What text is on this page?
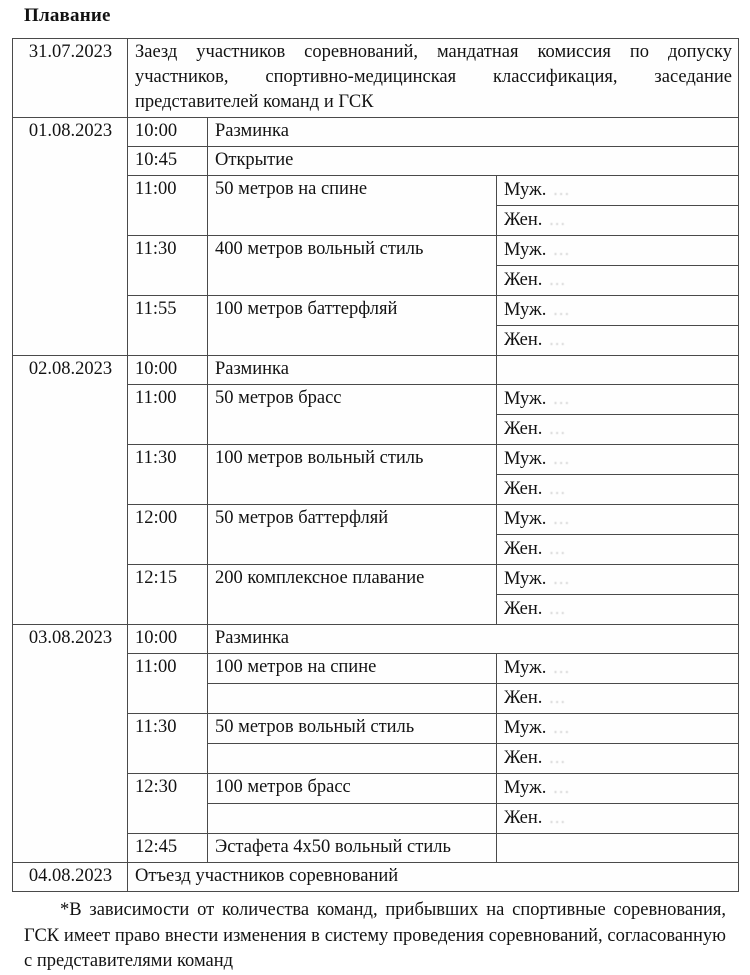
Плавание
31.07.2023	Заезд участников соревнований, мандатная комиссия по допуску участников, спортивно-медицинская классификация, заседание представителей команд и ГСК		
01.08.2023	10:00	Разминка	
	10:45	Открытие	
	11:00	50 метров на спине	Муж. ...
			Жен. ...
	11:30	400 метров вольный стиль	Муж. ...
			Жен. ...
	11:55	100 метров баттерфляй	Муж. ...
			Жен. ...
02.08.2023	10:00	Разминка	
	11:00	50 метров брасс	Муж. ...
			Жен. ...
	11:30	100 метров вольный стиль	Муж. ...
			Жен. ...
	12:00	50 метров баттерфляй	Муж. ...
			Жен. ...
	12:15	200 комплексное плавание	Муж. ...
			Жен. ...
03.08.2023	10:00	Разминка	
	11:00	100 метров на спине	Муж. ...
			Жен. ...
	11:30	50 метров вольный стиль	Муж. ...
			Жен. ...
	12:30	100 метров брасс	Муж. ...
			Жен. ...
	12:45	Эстафета 4х50 вольный стиль	
04.08.2023	Отъезд участников соревнований		
*В зависимости от количества команд, прибывших на спортивные соревнования, ГСК имеет право внести изменения в систему проведения соревнований, согласованную с представителями команд
